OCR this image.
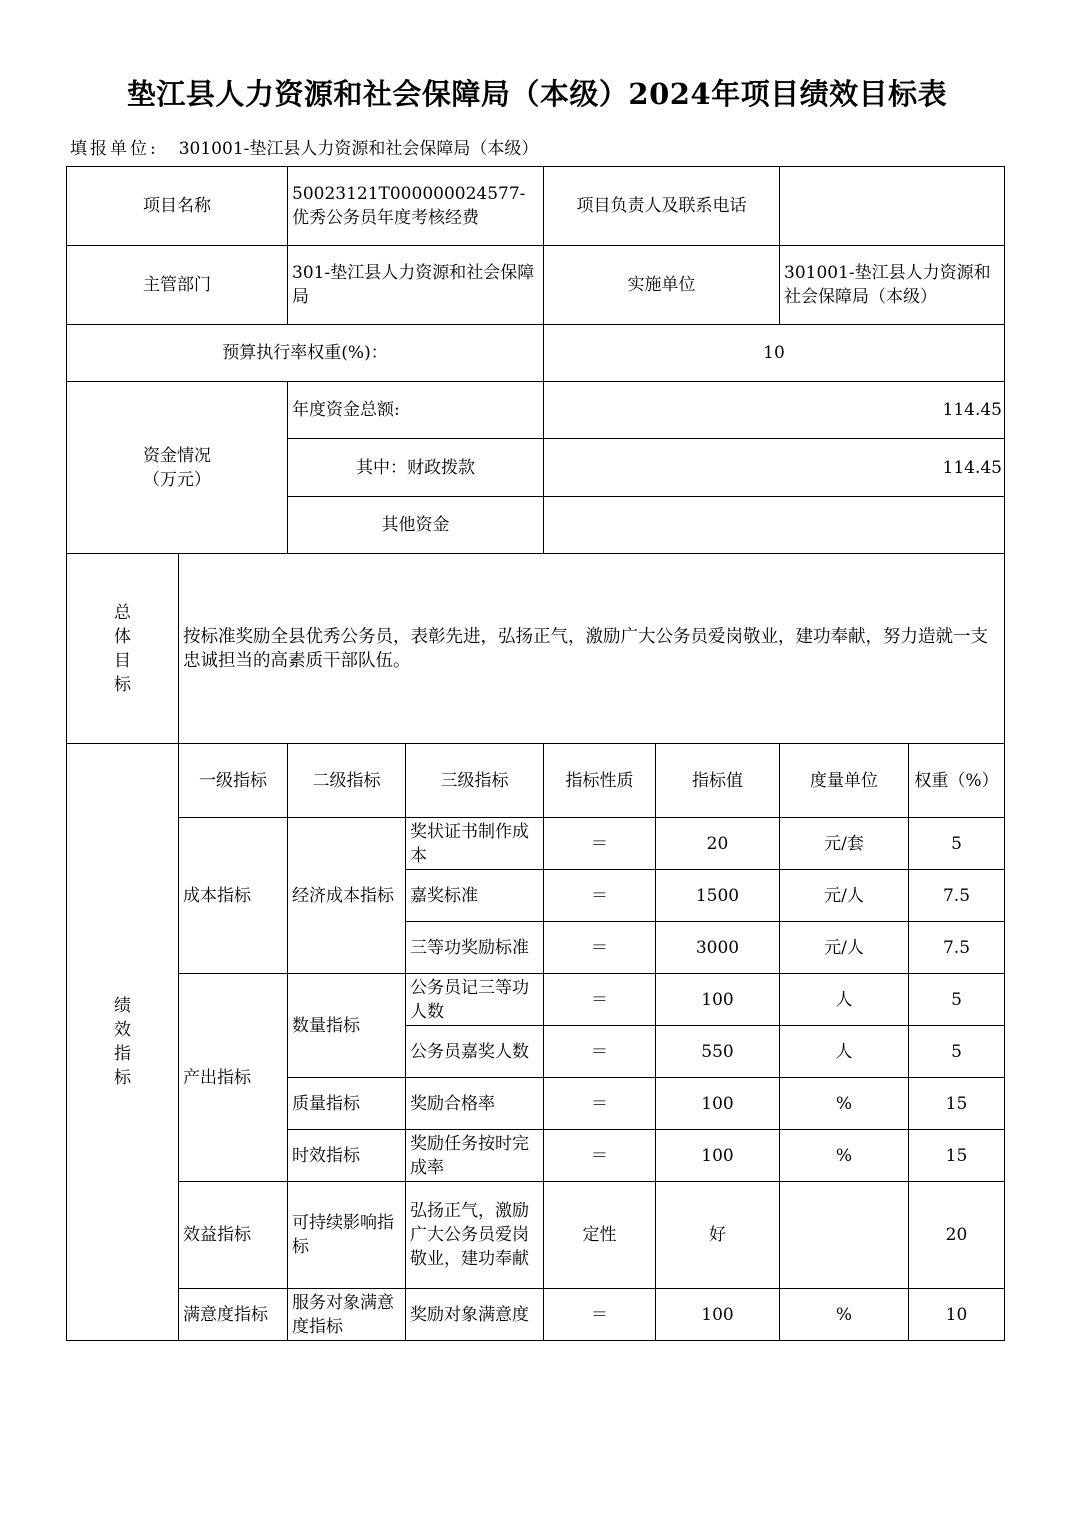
垫江县人力资源和社会保障局（本级）2024年项目绩效目标表
填报单位: 301001-垫江县人力资源和社会保障局（本级）
项目名称		50023121T000000024577-优秀公务员年度考核经费		项目负责人及联系电话			
主管部门		301-垫江县人力资源和社会保障局		实施单位		301001-垫江县人力资源和社会保障局（本级）	
预算执行率权重(%)：				10			

资金情况
（万元）		年度资金总额:		114.45			
		其中：财政拨款		114.45			
		其他资金					

总
体
目
标	按标准奖励全县优秀公务员，表彰先进，弘扬正气，激励广大公务员爱岗敬业，建功奉献，努力造就一支忠诚担当的高素质干部队伍。						

绩
效
指
标	一级指标	二级指标	三级指标	指标性质	指标值	度量单位	权重（%）
	成本指标	经济成本指标	奖状证书制作成本	＝	20	元/套	5
			嘉奖标准	＝	1500	元/人	7.5
			三等功奖励标准	＝	3000	元/人	7.5
	产出指标	数量指标	公务员记三等功人数	＝	100	人	5
			公务员嘉奖人数	＝	550	人	5
		质量指标	奖励合格率	＝	100	%	15
		时效指标	奖励任务按时完成率	＝	100	%	15
	效益指标	可持续影响指标	弘扬正气，激励广大公务员爱岗敬业，建功奉献	定性	好		20
	满意度指标	服务对象满意度指标	奖励对象满意度	＝	100	%	10
